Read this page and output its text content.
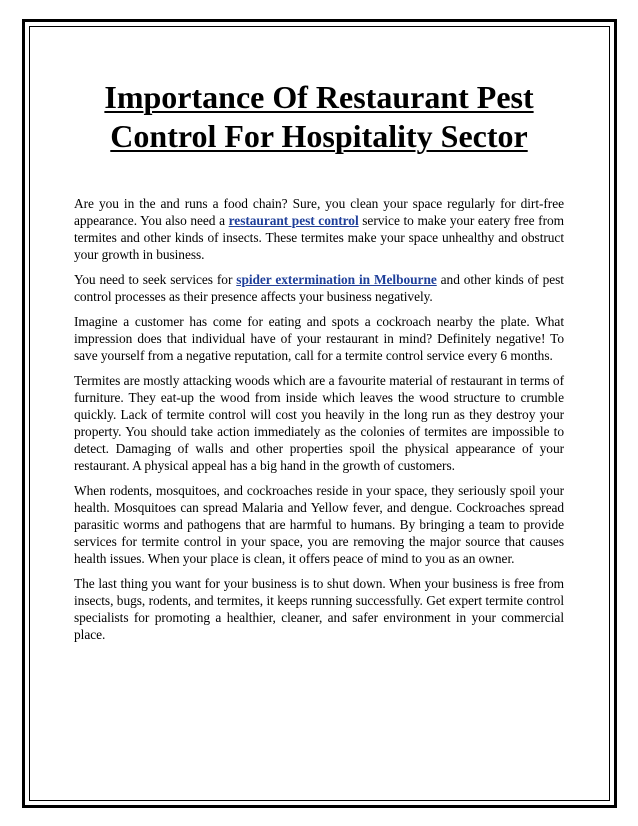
Importance Of Restaurant Pest
Control For Hospitality Sector

Are you in the and runs a food chain? Sure, you clean your space regularly for dirt-free appearance. You also need a restaurant pest control service to make your eatery free from termites and other kinds of insects. These termites make your space unhealthy and obstruct your growth in business.

You need to seek services for spider extermination in Melbourne and other kinds of pest control processes as their presence affects your business negatively.

Imagine a customer has come for eating and spots a cockroach nearby the plate. What impression does that individual have of your restaurant in mind? Definitely negative! To save yourself from a negative reputation, call for a termite control service every 6 months.

Termites are mostly attacking woods which are a favourite material of restaurant in terms of furniture. They eat-up the wood from inside which leaves the wood structure to crumble quickly. Lack of termite control will cost you heavily in the long run as they destroy your property. You should take action immediately as the colonies of termites are impossible to detect. Damaging of walls and other properties spoil the physical appearance of your restaurant. A physical appeal has a big hand in the growth of customers.

When rodents, mosquitoes, and cockroaches reside in your space, they seriously spoil your health. Mosquitoes can spread Malaria and Yellow fever, and dengue. Cockroaches spread parasitic worms and pathogens that are harmful to humans. By bringing a team to provide services for termite control in your space, you are removing the major source that causes health issues. When your place is clean, it offers peace of mind to you as an owner.

The last thing you want for your business is to shut down. When your business is free from insects, bugs, rodents, and termites, it keeps running successfully. Get expert termite control specialists for promoting a healthier, cleaner, and safer environment in your commercial place.
